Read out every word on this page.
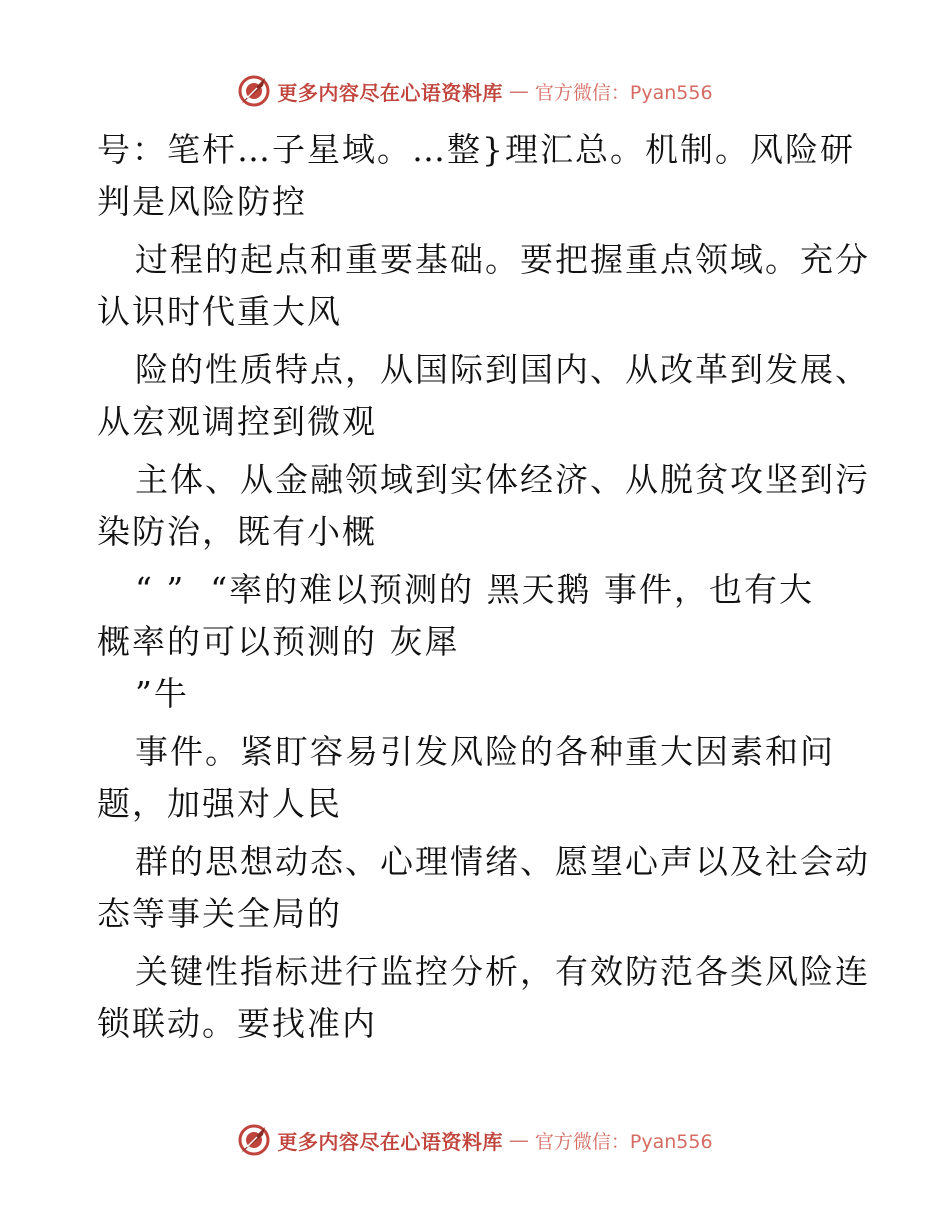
更多内容尽在心语资料库 — 官方微信：Pyan556
号：笔杆…子星域。…整}理汇总。机制。风险研
判是风险防控
过程的起点和重要基础。要把握重点领域。充分
认识时代重大风
险的性质特点，从国际到国内、从改革到发展、
从宏观调控到微观
主体、从金融领域到实体经济、从脱贫攻坚到污
染防治，既有小概
“ ”  “率的难以预测的 黑天鹅 事件，也有大
概率的可以预测的 灰犀
”牛
事件。紧盯容易引发风险的各种重大因素和问
题，加强对人民
群的思想动态、心理情绪、愿望心声以及社会动
态等事关全局的
关键性指标进行监控分析，有效防范各类风险连
锁联动。要找准内
更多内容尽在心语资料库 — 官方微信：Pyan556
